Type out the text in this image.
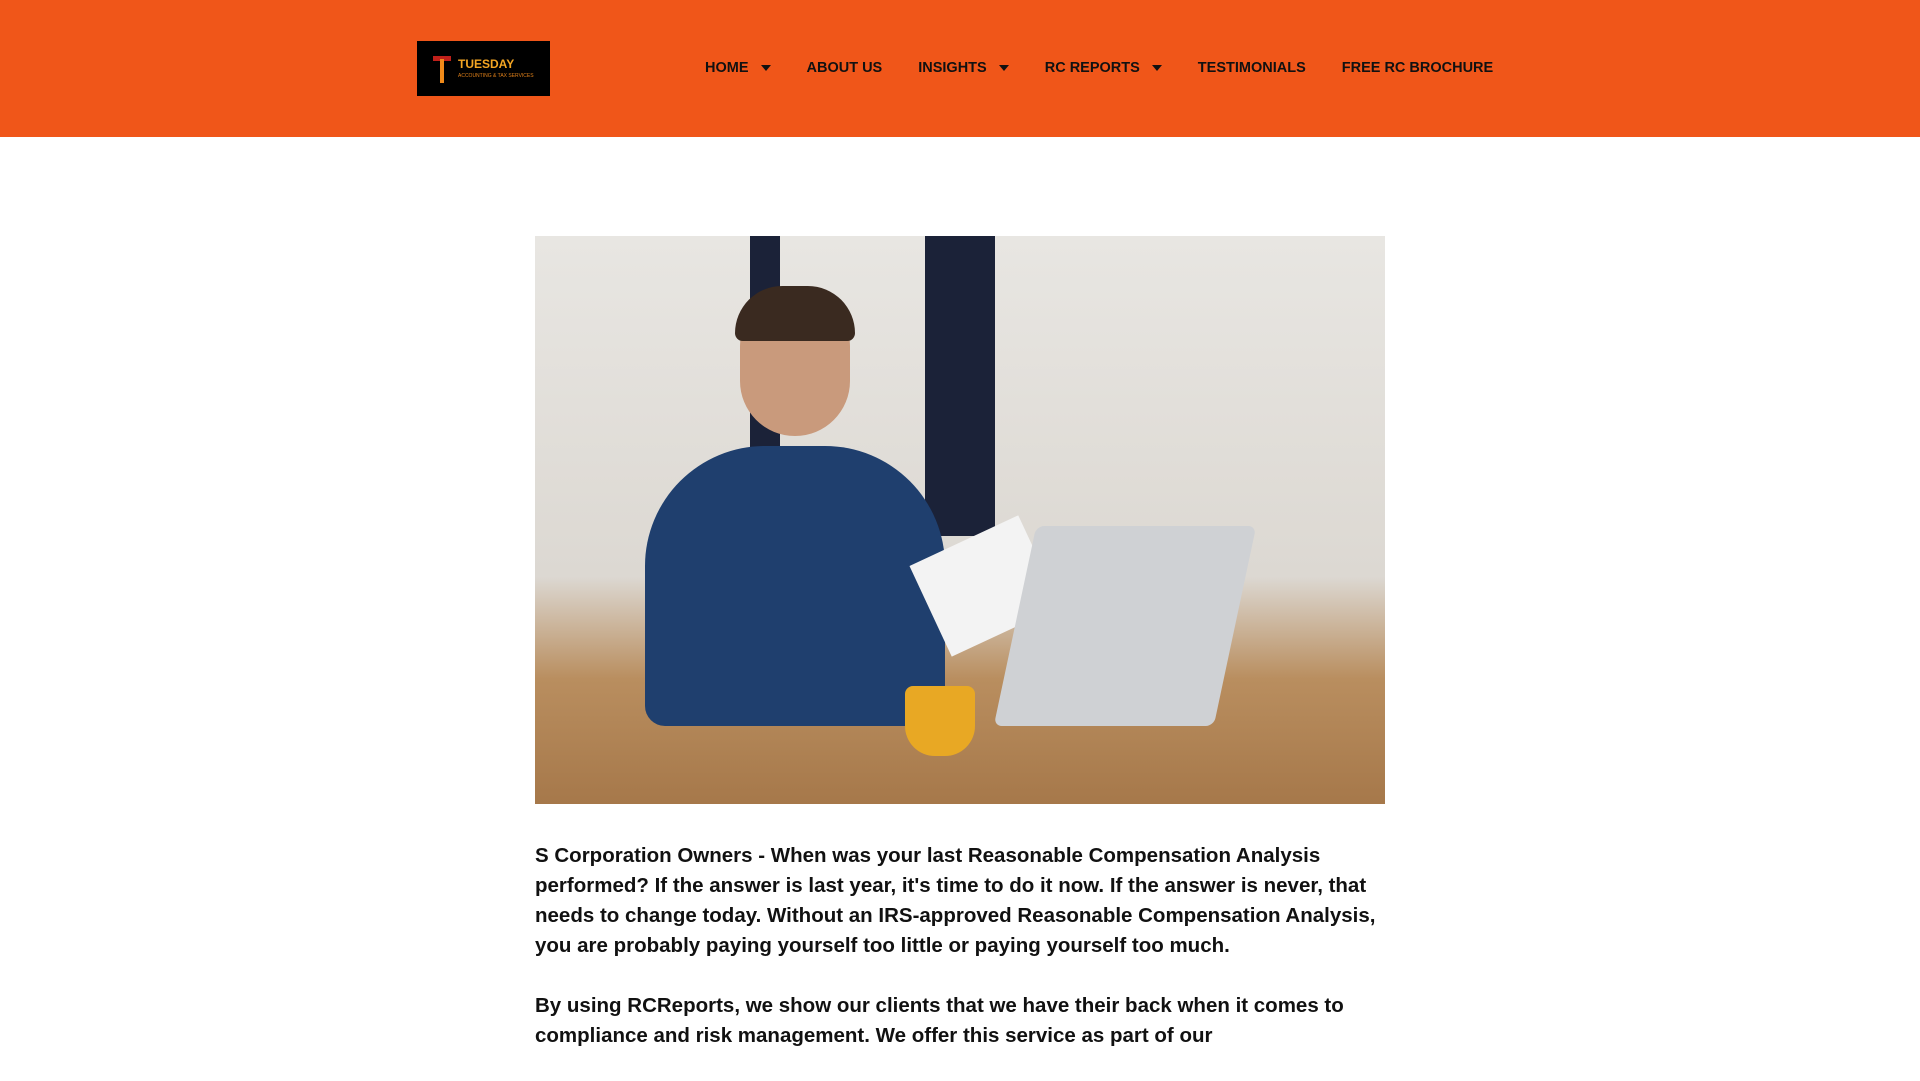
TUESDAY
ACCOUNTING & TAX SERVICES	HOME	ABOUT US INSIGHTS	RC REPORTS	TESTIMONIALS FREE RC BROCHURE

S Corporation Owners - When was your last Reasonable Compensation Analysis performed? If the answer is last year, it's time to do it now. If the answer is never, that needs to change today. Without an IRS-approved Reasonable Compensation Analysis, you are probably paying yourself too little or paying yourself too much.

By using RCReports, we show our clients that we have their back when it comes to compliance and risk management. We offer this service as part of our
